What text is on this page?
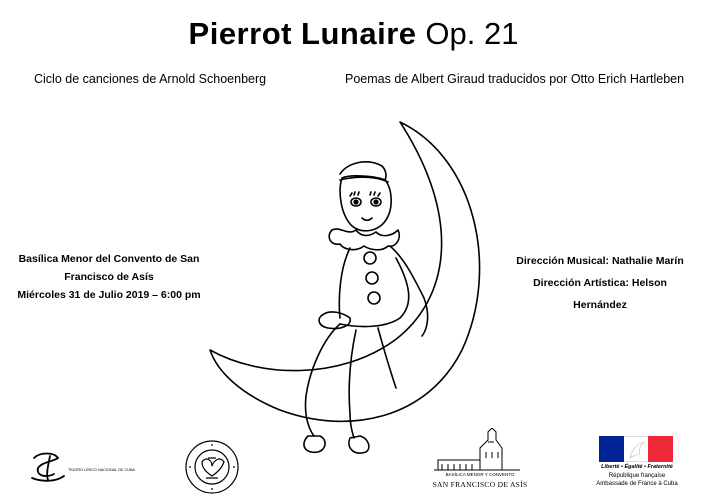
Pierrot Lunaire Op. 21
Ciclo de canciones de Arnold Schoenberg	Poemas de Albert Giraud traducidos por Otto Erich Hartleben
Basílica Menor del Convento de San
Francisco de Asís
Miércoles 31 de Julio 2019 – 6:00 pm
Dirección Musical: Nathalie Marín
Dirección Artística: Helson Hernández
TEATRO LÍRICO NACIONAL DE CUBA
BASÍLICA MENOR Y CONVENTO
SAN FRANCISCO DE ASÍS
Liberté • Égalité • Fraternité
République française
Ambassade de France à Cuba
